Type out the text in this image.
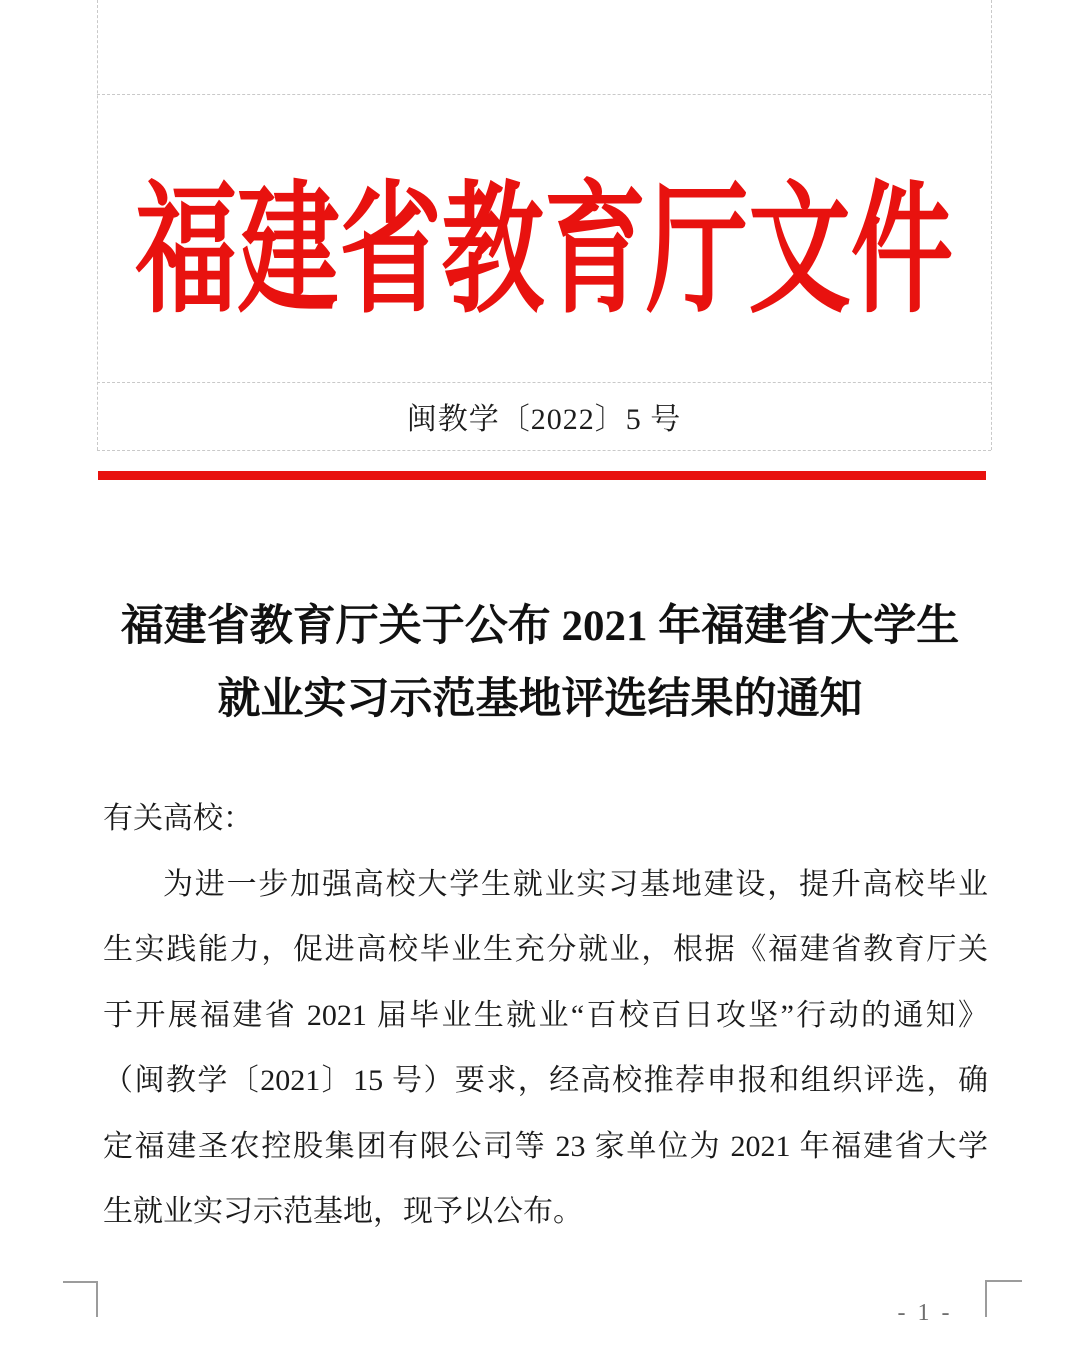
福建省教育厅文件
闽教学〔2022〕5 号
福建省教育厅关于公布 2021 年福建省大学生
就业实习示范基地评选结果的通知
有关高校：
为进一步加强高校大学生就业实习基地建设，提升高校毕业
生实践能力，促进高校毕业生充分就业，根据《福建省教育厅关
于开展福建省 2021 届毕业生就业“百校百日攻坚”行动的通知》
（闽教学〔2021〕15 号）要求，经高校推荐申报和组织评选，确
定福建圣农控股集团有限公司等 23 家单位为 2021 年福建省大学
生就业实习示范基地，现予以公布。
- 1 -
